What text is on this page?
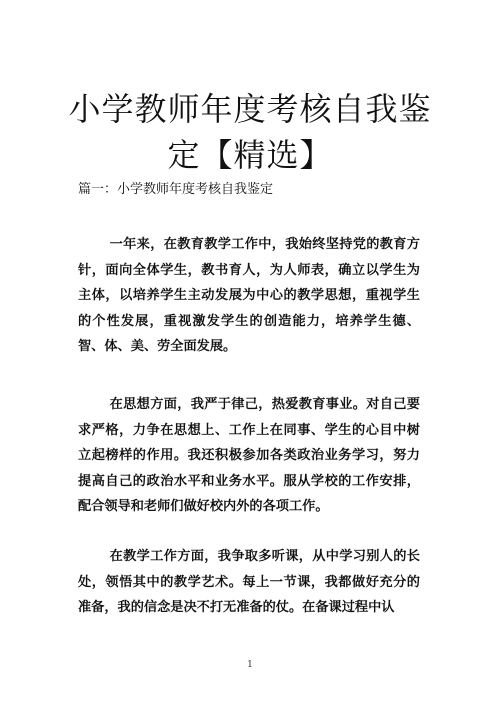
小学教师年度考核自我鉴定【精选】

篇一：小学教师年度考核自我鉴定

一年来，在教育教学工作中，我始终坚持党的教育方针，面向全体学生，教书育人，为人师表，确立以学生为主体，以培养学生主动发展为中心的教学思想，重视学生的个性发展，重视激发学生的创造能力，培养学生德、智、体、美、劳全面发展。

在思想方面，我严于律己，热爱教育事业。对自己要求严格，力争在思想上、工作上在同事、学生的心目中树立起榜样的作用。我还积极参加各类政治业务学习，努力提高自己的政治水平和业务水平。服从学校的工作安排，配合领导和老师们做好校内外的各项工作。

在教学工作方面，我争取多听课，从中学习别人的长处，领悟其中的教学艺术。每上一节课，我都做好充分的准备，我的信念是决不打无准备的仗。在备课过程中认

1
